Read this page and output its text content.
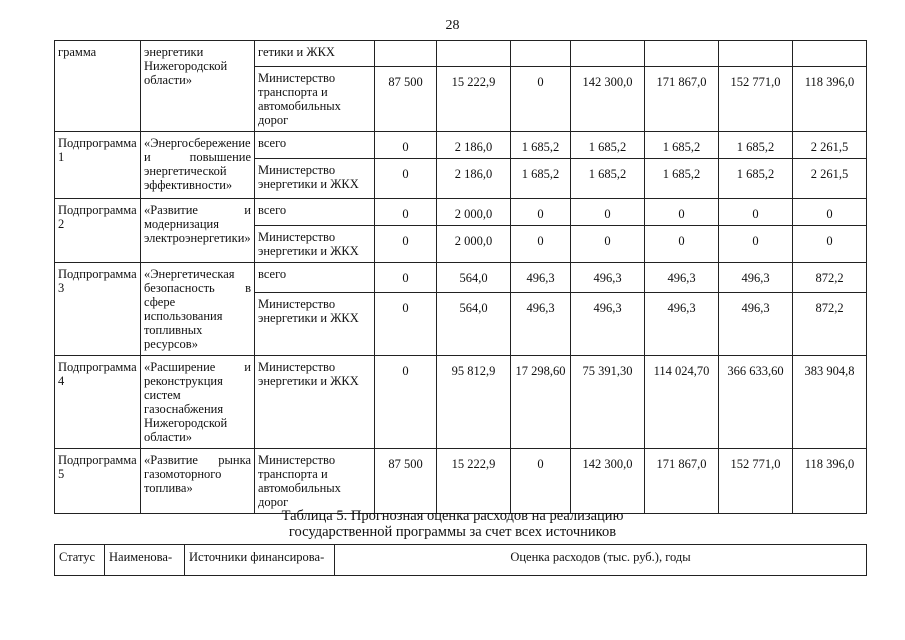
28
грамма	энергетики Нижегородской области»	гетики и ЖКХ							
		Министерство транспорта и автомобильных дорог	87 500	15 222,9	0	142 300,0	171 867,0	152 771,0	118 396,0
Подпрограмма 1	«Энергосбережение и повышение энергетической эффективности»	всего	0	2 186,0	1 685,2	1 685,2	1 685,2	1 685,2	2 261,5
		Министерство энергетики и ЖКХ	0	2 186,0	1 685,2	1 685,2	1 685,2	1 685,2	2 261,5
Подпрограмма 2	«Развитие и модернизация электроэнергетики»	всего	0	2 000,0	0	0	0	0	0
		Министерство энергетики и ЖКХ	0	2 000,0	0	0	0	0	0
Подпрограмма 3	«Энергетическая безопасность в сфере использования топливных ресурсов»	всего	0	564,0	496,3	496,3	496,3	496,3	872,2
		Министерство энергетики и ЖКХ	0	564,0	496,3	496,3	496,3	496,3	872,2
Подпрограмма 4	«Расширение и реконструкция систем газоснабжения Нижегородской области»	Министерство энергетики и ЖКХ	0	95 812,9	17 298,60	75 391,30	114 024,70	366 633,60	383 904,8
Подпрограмма 5	«Развитие рынка газомоторного топлива»	Министерство транспорта и автомобильных дорог	87 500	15 222,9	0	142 300,0	171 867,0	152 771,0	118 396,0
Таблица 5. Прогнозная оценка расходов на реализацию
государственной программы за счет всех источников
Статус	Наименова-	Источники финансирова-	Оценка расходов (тыс. руб.), годы
